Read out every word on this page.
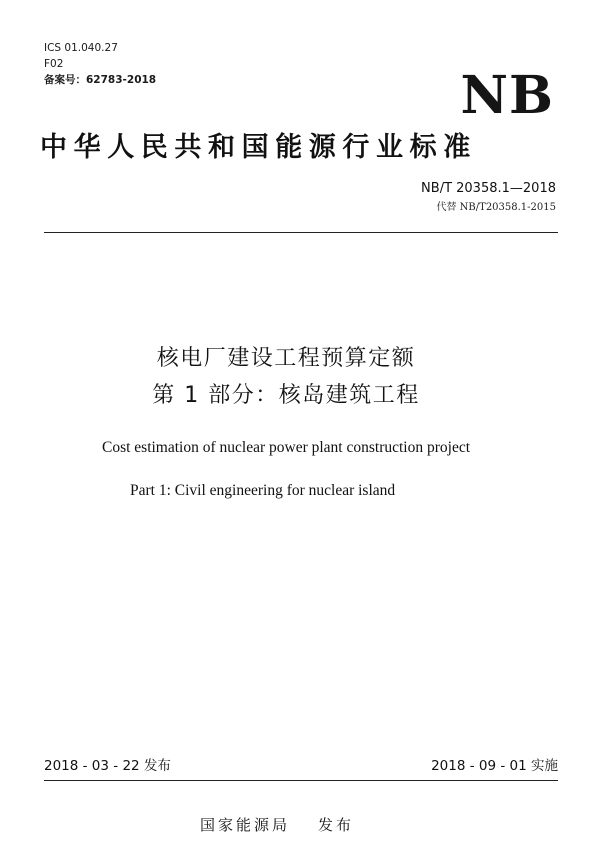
ICS 01.040.27
F02
备案号：62783-2018	NB
中华人民共和国能源行业标准
NB/T 20358.1—2018
代替 NB/T20358.1-2015
核电厂建设工程预算定额
第 1 部分：核岛建筑工程
Cost estimation of nuclear power plant construction project
Part 1: Civil engineering for nuclear island
2018 - 03 - 22 发布	2018 - 09 - 01 实施
国家能源局 发布
